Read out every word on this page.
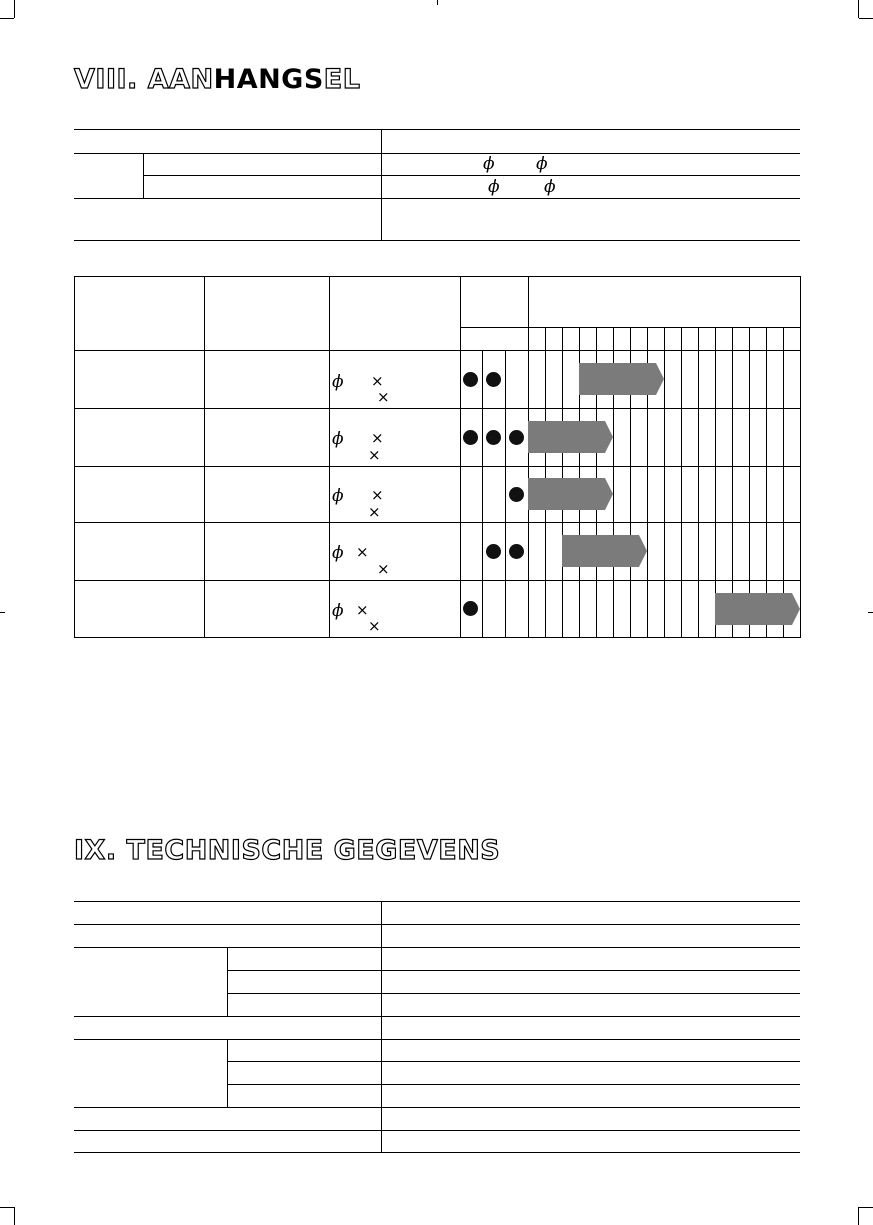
VIII. AANHANGSEL
ϕ ϕ
ϕ	ϕ
ϕ ×
×
ϕ ×
×
ϕ ×
×
ϕ ×
×
ϕ ×
×
IX. TECHNISCHE GEGEVENS
